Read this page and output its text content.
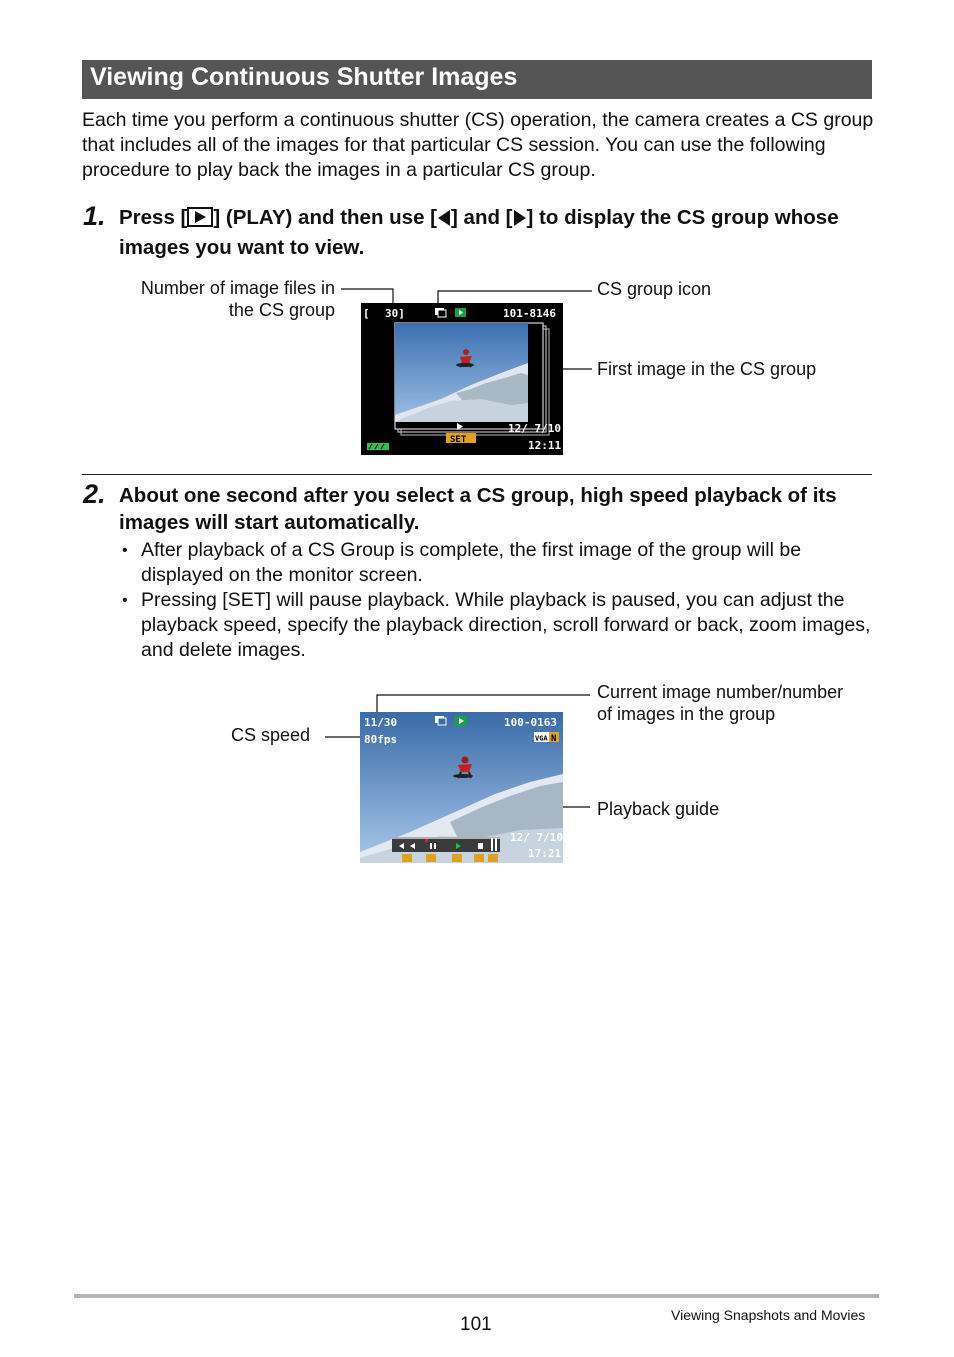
Viewing Continuous Shutter Images
Each time you perform a continuous shutter (CS) operation, the camera creates a CS group that includes all of the images for that particular CS session. You can use the following procedure to play back the images in a particular CS group.
1. Press [ ] (PLAY) and then use [ ] and [ ] to display the CS group whose images you want to view.
Number of image files in
the CS group
CS group icon
First image in the CS group
[ 30]	101-8146
SET
12/ 7/10
12:11
2. About one second after you select a CS group, high speed playback of its images will start automatically.
• After playback of a CS Group is complete, the first image of the group will be displayed on the monitor screen.
• Pressing [SET] will pause playback. While playback is paused, you can adjust the playback speed, specify the playback direction, scroll forward or back, zoom images, and delete images.
CS speed
Current image number/number
of images in the group
Playback guide
11/30
80fps
100-0163
VGA N
12/ 7/10
17:21
101	Viewing Snapshots and Movies
